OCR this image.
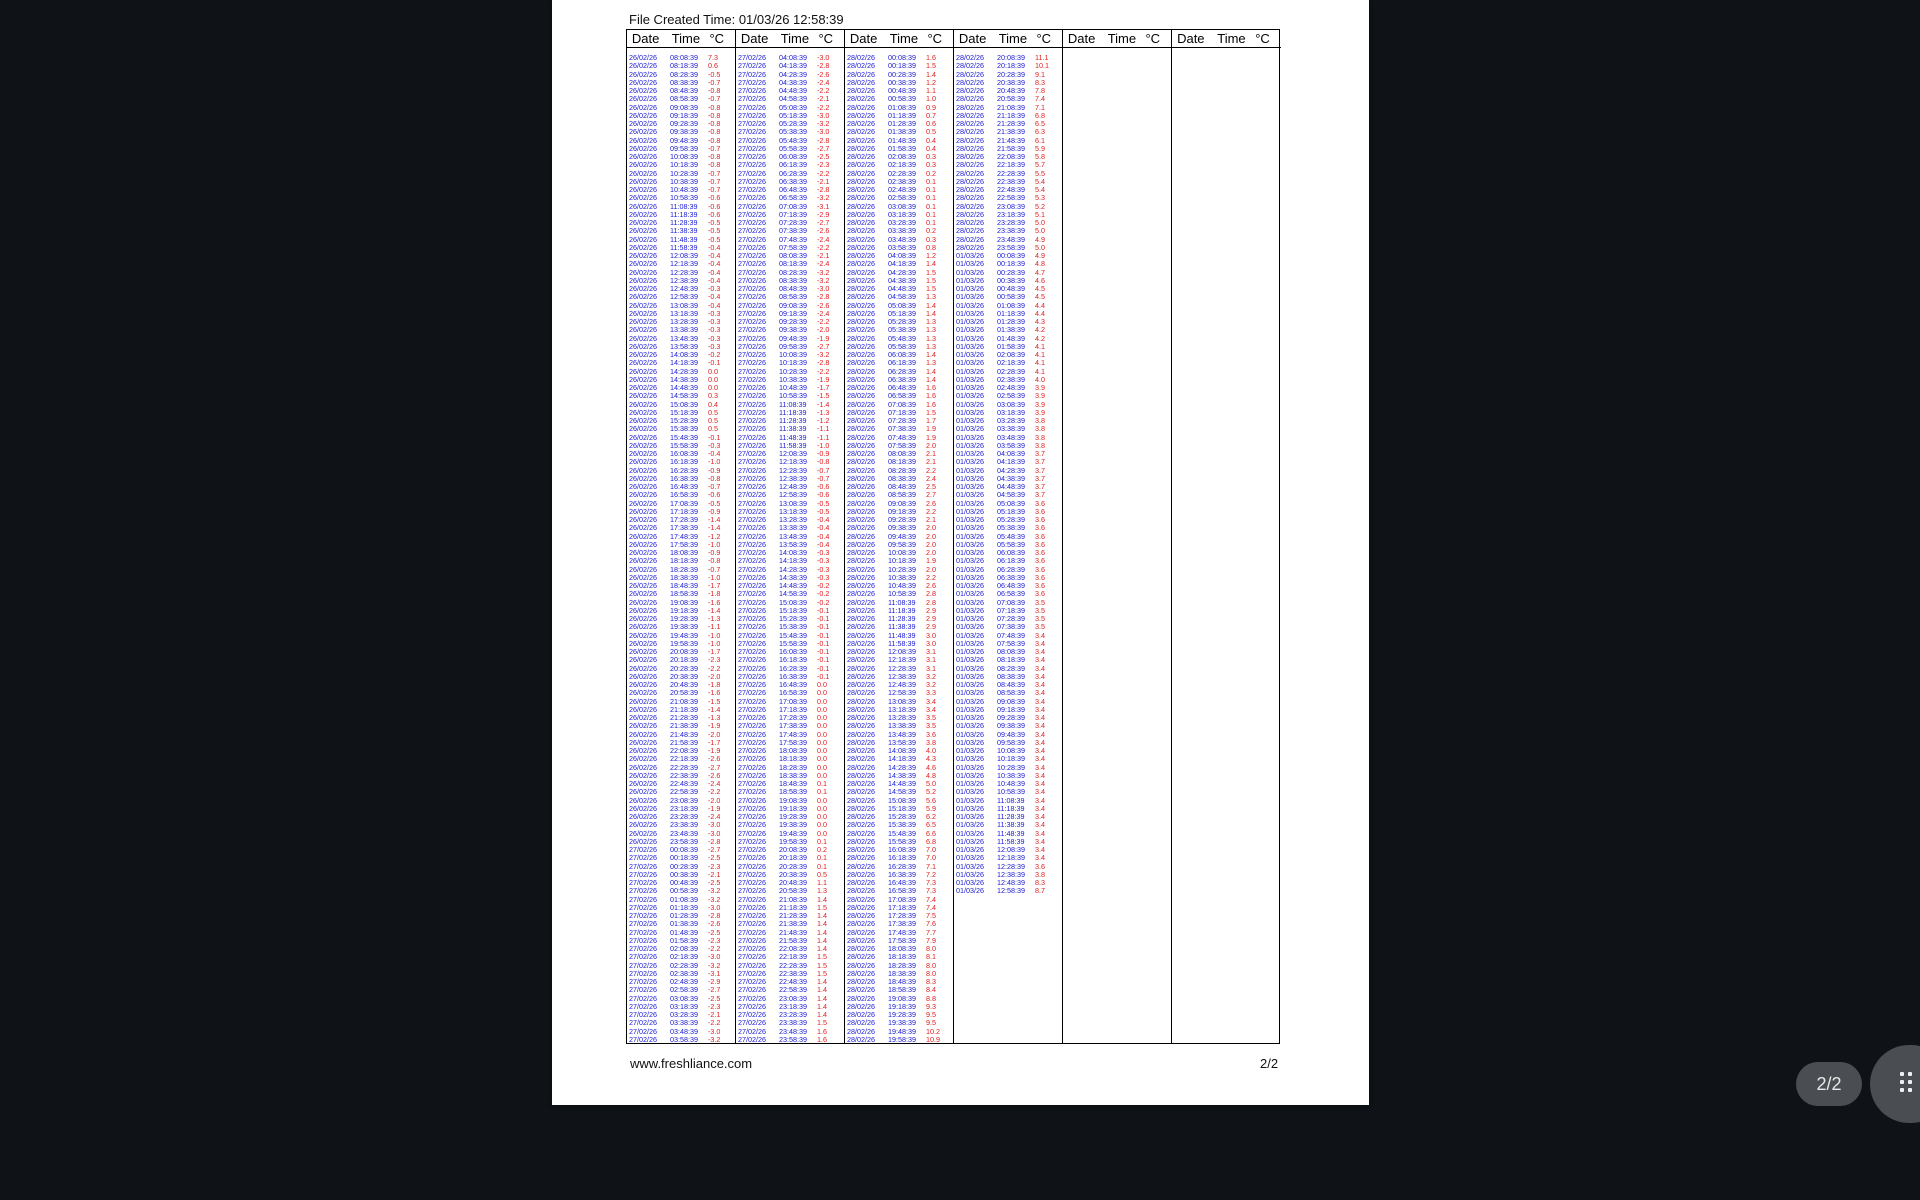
File Created Time: 01/03/26 12:58:39
Date Time °C
26/02/26	08:08:39	7.3
26/02/26	08:18:39	0.6
26/02/26	08:28:39	-0.5
26/02/26	08:38:39	-0.7
26/02/26	08:48:39	-0.8
26/02/26	08:58:39	-0.7
26/02/26	09:08:39	-0.8
26/02/26	09:18:39	-0.8
26/02/26	09:28:39	-0.8
26/02/26	09:38:39	-0.8
26/02/26	09:48:39	-0.8
26/02/26	09:58:39	-0.7
26/02/26	10:08:39	-0.8
26/02/26	10:18:39	-0.8
26/02/26	10:28:39	-0.7
26/02/26	10:38:39	-0.7
26/02/26	10:48:39	-0.7
26/02/26	10:58:39	-0.6
26/02/26	11:08:39	-0.6
26/02/26	11:18:39	-0.6
26/02/26	11:28:39	-0.5
26/02/26	11:38:39	-0.5
26/02/26	11:48:39	-0.5
26/02/26	11:58:39	-0.4
26/02/26	12:08:39	-0.4
26/02/26	12:18:39	-0.4
26/02/26	12:28:39	-0.4
26/02/26	12:38:39	-0.4
26/02/26	12:48:39	-0.3
26/02/26	12:58:39	-0.4
26/02/26	13:08:39	-0.4
26/02/26	13:18:39	-0.3
26/02/26	13:28:39	-0.3
26/02/26	13:38:39	-0.3
26/02/26	13:48:39	-0.3
26/02/26	13:58:39	-0.3
26/02/26	14:08:39	-0.2
26/02/26	14:18:39	-0.1
26/02/26	14:28:39	0.0
26/02/26	14:38:39	0.0
26/02/26	14:48:39	0.0
26/02/26	14:58:39	0.3
26/02/26	15:08:39	0.4
26/02/26	15:18:39	0.5
26/02/26	15:28:39	0.5
26/02/26	15:38:39	0.5
26/02/26	15:48:39	-0.1
26/02/26	15:58:39	-0.3
26/02/26	16:08:39	-0.4
26/02/26	16:18:39	-1.0
26/02/26	16:28:39	-0.9
26/02/26	16:38:39	-0.8
26/02/26	16:48:39	-0.7
26/02/26	16:58:39	-0.6
26/02/26	17:08:39	-0.5
26/02/26	17:18:39	-0.9
26/02/26	17:28:39	-1.4
26/02/26	17:38:39	-1.4
26/02/26	17:48:39	-1.2
26/02/26	17:58:39	-1.0
26/02/26	18:08:39	-0.9
26/02/26	18:18:39	-0.8
26/02/26	18:28:39	-0.7
26/02/26	18:38:39	-1.0
26/02/26	18:48:39	-1.7
26/02/26	18:58:39	-1.8
26/02/26	19:08:39	-1.6
26/02/26	19:18:39	-1.4
26/02/26	19:28:39	-1.3
26/02/26	19:38:39	-1.1
26/02/26	19:48:39	-1.0
26/02/26	19:58:39	-1.0
26/02/26	20:08:39	-1.7
26/02/26	20:18:39	-2.3
26/02/26	20:28:39	-2.2
26/02/26	20:38:39	-2.0
26/02/26	20:48:39	-1.8
26/02/26	20:58:39	-1.6
26/02/26	21:08:39	-1.5
26/02/26	21:18:39	-1.4
26/02/26	21:28:39	-1.3
26/02/26	21:38:39	-1.9
26/02/26	21:48:39	-2.0
26/02/26	21:58:39	-1.7
26/02/26	22:08:39	-1.9
26/02/26	22:18:39	-2.6
26/02/26	22:28:39	-2.7
26/02/26	22:38:39	-2.6
26/02/26	22:48:39	-2.4
26/02/26	22:58:39	-2.2
26/02/26	23:08:39	-2.0
26/02/26	23:18:39	-1.9
26/02/26	23:28:39	-2.4
26/02/26	23:38:39	-3.0
26/02/26	23:48:39	-3.0
26/02/26	23:58:39	-2.8
27/02/26	00:08:39	-2.7
27/02/26	00:18:39	-2.5
27/02/26	00:28:39	-2.3
27/02/26	00:38:39	-2.1
27/02/26	00:48:39	-2.5
27/02/26	00:58:39	-3.2
27/02/26	01:08:39	-3.2
27/02/26	01:18:39	-3.0
27/02/26	01:28:39	-2.8
27/02/26	01:38:39	-2.6
27/02/26	01:48:39	-2.5
27/02/26	01:58:39	-2.3
27/02/26	02:08:39	-2.2
27/02/26	02:18:39	-3.0
27/02/26	02:28:39	-3.2
27/02/26	02:38:39	-3.1
27/02/26	02:48:39	-2.9
27/02/26	02:58:39	-2.7
27/02/26	03:08:39	-2.5
27/02/26	03:18:39	-2.3
27/02/26	03:28:39	-2.1
27/02/26	03:38:39	-2.2
27/02/26	03:48:39	-3.0
27/02/26	03:58:39	-3.2
Date Time °C
27/02/26	04:08:39	-3.0
27/02/26	04:18:39	-2.8
27/02/26	04:28:39	-2.6
27/02/26	04:38:39	-2.4
27/02/26	04:48:39	-2.2
27/02/26	04:58:39	-2.1
27/02/26	05:08:39	-2.2
27/02/26	05:18:39	-3.0
27/02/26	05:28:39	-3.2
27/02/26	05:38:39	-3.0
27/02/26	05:48:39	-2.8
27/02/26	05:58:39	-2.7
27/02/26	06:08:39	-2.5
27/02/26	06:18:39	-2.3
27/02/26	06:28:39	-2.2
27/02/26	06:38:39	-2.1
27/02/26	06:48:39	-2.8
27/02/26	06:58:39	-3.2
27/02/26	07:08:39	-3.1
27/02/26	07:18:39	-2.9
27/02/26	07:28:39	-2.7
27/02/26	07:38:39	-2.6
27/02/26	07:48:39	-2.4
27/02/26	07:58:39	-2.2
27/02/26	08:08:39	-2.1
27/02/26	08:18:39	-2.4
27/02/26	08:28:39	-3.2
27/02/26	08:38:39	-3.2
27/02/26	08:48:39	-3.0
27/02/26	08:58:39	-2.8
27/02/26	09:08:39	-2.6
27/02/26	09:18:39	-2.4
27/02/26	09:28:39	-2.2
27/02/26	09:38:39	-2.0
27/02/26	09:48:39	-1.9
27/02/26	09:58:39	-2.7
27/02/26	10:08:39	-3.2
27/02/26	10:18:39	-2.8
27/02/26	10:28:39	-2.2
27/02/26	10:38:39	-1.9
27/02/26	10:48:39	-1.7
27/02/26	10:58:39	-1.5
27/02/26	11:08:39	-1.4
27/02/26	11:18:39	-1.3
27/02/26	11:28:39	-1.2
27/02/26	11:38:39	-1.1
27/02/26	11:48:39	-1.1
27/02/26	11:58:39	-1.0
27/02/26	12:08:39	-0.9
27/02/26	12:18:39	-0.8
27/02/26	12:28:39	-0.7
27/02/26	12:38:39	-0.7
27/02/26	12:48:39	-0.6
27/02/26	12:58:39	-0.6
27/02/26	13:08:39	-0.5
27/02/26	13:18:39	-0.5
27/02/26	13:28:39	-0.4
27/02/26	13:38:39	-0.4
27/02/26	13:48:39	-0.4
27/02/26	13:58:39	-0.4
27/02/26	14:08:39	-0.3
27/02/26	14:18:39	-0.3
27/02/26	14:28:39	-0.3
27/02/26	14:38:39	-0.3
27/02/26	14:48:39	-0.2
27/02/26	14:58:39	-0.2
27/02/26	15:08:39	-0.2
27/02/26	15:18:39	-0.1
27/02/26	15:28:39	-0.1
27/02/26	15:38:39	-0.1
27/02/26	15:48:39	-0.1
27/02/26	15:58:39	-0.1
27/02/26	16:08:39	-0.1
27/02/26	16:18:39	-0.1
27/02/26	16:28:39	-0.1
27/02/26	16:38:39	-0.1
27/02/26	16:48:39	0.0
27/02/26	16:58:39	0.0
27/02/26	17:08:39	0.0
27/02/26	17:18:39	0.0
27/02/26	17:28:39	0.0
27/02/26	17:38:39	0.0
27/02/26	17:48:39	0.0
27/02/26	17:58:39	0.0
27/02/26	18:08:39	0.0
27/02/26	18:18:39	0.0
27/02/26	18:28:39	0.0
27/02/26	18:38:39	0.0
27/02/26	18:48:39	0.1
27/02/26	18:58:39	0.1
27/02/26	19:08:39	0.0
27/02/26	19:18:39	0.0
27/02/26	19:28:39	0.0
27/02/26	19:38:39	0.0
27/02/26	19:48:39	0.0
27/02/26	19:58:39	0.1
27/02/26	20:08:39	0.2
27/02/26	20:18:39	0.1
27/02/26	20:28:39	0.1
27/02/26	20:38:39	0.5
27/02/26	20:48:39	1.1
27/02/26	20:58:39	1.3
27/02/26	21:08:39	1.4
27/02/26	21:18:39	1.5
27/02/26	21:28:39	1.4
27/02/26	21:38:39	1.4
27/02/26	21:48:39	1.4
27/02/26	21:58:39	1.4
27/02/26	22:08:39	1.4
27/02/26	22:18:39	1.5
27/02/26	22:28:39	1.5
27/02/26	22:38:39	1.5
27/02/26	22:48:39	1.4
27/02/26	22:58:39	1.4
27/02/26	23:08:39	1.4
27/02/26	23:18:39	1.4
27/02/26	23:28:39	1.4
27/02/26	23:38:39	1.5
27/02/26	23:48:39	1.6
27/02/26	23:58:39	1.6
Date Time °C
28/02/26	00:08:39	1.6
28/02/26	00:18:39	1.5
28/02/26	00:28:39	1.4
28/02/26	00:38:39	1.2
28/02/26	00:48:39	1.1
28/02/26	00:58:39	1.0
28/02/26	01:08:39	0.9
28/02/26	01:18:39	0.7
28/02/26	01:28:39	0.6
28/02/26	01:38:39	0.5
28/02/26	01:48:39	0.4
28/02/26	01:58:39	0.4
28/02/26	02:08:39	0.3
28/02/26	02:18:39	0.3
28/02/26	02:28:39	0.2
28/02/26	02:38:39	0.1
28/02/26	02:48:39	0.1
28/02/26	02:58:39	0.1
28/02/26	03:08:39	0.1
28/02/26	03:18:39	0.1
28/02/26	03:28:39	0.1
28/02/26	03:38:39	0.2
28/02/26	03:48:39	0.3
28/02/26	03:58:39	0.8
28/02/26	04:08:39	1.2
28/02/26	04:18:39	1.4
28/02/26	04:28:39	1.5
28/02/26	04:38:39	1.5
28/02/26	04:48:39	1.5
28/02/26	04:58:39	1.3
28/02/26	05:08:39	1.4
28/02/26	05:18:39	1.4
28/02/26	05:28:39	1.3
28/02/26	05:38:39	1.3
28/02/26	05:48:39	1.3
28/02/26	05:58:39	1.3
28/02/26	06:08:39	1.4
28/02/26	06:18:39	1.3
28/02/26	06:28:39	1.4
28/02/26	06:38:39	1.4
28/02/26	06:48:39	1.6
28/02/26	06:58:39	1.6
28/02/26	07:08:39	1.6
28/02/26	07:18:39	1.5
28/02/26	07:28:39	1.7
28/02/26	07:38:39	1.9
28/02/26	07:48:39	1.9
28/02/26	07:58:39	2.0
28/02/26	08:08:39	2.1
28/02/26	08:18:39	2.1
28/02/26	08:28:39	2.2
28/02/26	08:38:39	2.4
28/02/26	08:48:39	2.5
28/02/26	08:58:39	2.7
28/02/26	09:08:39	2.6
28/02/26	09:18:39	2.2
28/02/26	09:28:39	2.1
28/02/26	09:38:39	2.0
28/02/26	09:48:39	2.0
28/02/26	09:58:39	2.0
28/02/26	10:08:39	2.0
28/02/26	10:18:39	1.9
28/02/26	10:28:39	2.0
28/02/26	10:38:39	2.2
28/02/26	10:48:39	2.6
28/02/26	10:58:39	2.8
28/02/26	11:08:39	2.8
28/02/26	11:18:39	2.9
28/02/26	11:28:39	2.9
28/02/26	11:38:39	2.9
28/02/26	11:48:39	3.0
28/02/26	11:58:39	3.0
28/02/26	12:08:39	3.1
28/02/26	12:18:39	3.1
28/02/26	12:28:39	3.1
28/02/26	12:38:39	3.2
28/02/26	12:48:39	3.2
28/02/26	12:58:39	3.3
28/02/26	13:08:39	3.4
28/02/26	13:18:39	3.4
28/02/26	13:28:39	3.5
28/02/26	13:38:39	3.5
28/02/26	13:48:39	3.6
28/02/26	13:58:39	3.8
28/02/26	14:08:39	4.0
28/02/26	14:18:39	4.3
28/02/26	14:28:39	4.6
28/02/26	14:38:39	4.8
28/02/26	14:48:39	5.0
28/02/26	14:58:39	5.2
28/02/26	15:08:39	5.6
28/02/26	15:18:39	5.9
28/02/26	15:28:39	6.2
28/02/26	15:38:39	6.5
28/02/26	15:48:39	6.6
28/02/26	15:58:39	6.8
28/02/26	16:08:39	7.0
28/02/26	16:18:39	7.0
28/02/26	16:28:39	7.1
28/02/26	16:38:39	7.2
28/02/26	16:48:39	7.3
28/02/26	16:58:39	7.3
28/02/26	17:08:39	7.4
28/02/26	17:18:39	7.4
28/02/26	17:28:39	7.5
28/02/26	17:38:39	7.6
28/02/26	17:48:39	7.7
28/02/26	17:58:39	7.9
28/02/26	18:08:39	8.0
28/02/26	18:18:39	8.1
28/02/26	18:28:39	8.0
28/02/26	18:38:39	8.0
28/02/26	18:48:39	8.3
28/02/26	18:58:39	8.4
28/02/26	19:08:39	8.8
28/02/26	19:18:39	9.3
28/02/26	19:28:39	9.5
28/02/26	19:38:39	9.5
28/02/26	19:48:39	10.2
28/02/26	19:58:39	10.9
Date Time °C
28/02/26	20:08:39	11.1
28/02/26	20:18:39	10.1
28/02/26	20:28:39	9.1
28/02/26	20:38:39	8.3
28/02/26	20:48:39	7.8
28/02/26	20:58:39	7.4
28/02/26	21:08:39	7.1
28/02/26	21:18:39	6.8
28/02/26	21:28:39	6.5
28/02/26	21:38:39	6.3
28/02/26	21:48:39	6.1
28/02/26	21:58:39	5.9
28/02/26	22:08:39	5.8
28/02/26	22:18:39	5.7
28/02/26	22:28:39	5.5
28/02/26	22:38:39	5.4
28/02/26	22:48:39	5.4
28/02/26	22:58:39	5.3
28/02/26	23:08:39	5.2
28/02/26	23:18:39	5.1
28/02/26	23:28:39	5.0
28/02/26	23:38:39	5.0
28/02/26	23:48:39	4.9
28/02/26	23:58:39	5.0
01/03/26	00:08:39	4.9
01/03/26	00:18:39	4.8
01/03/26	00:28:39	4.7
01/03/26	00:38:39	4.6
01/03/26	00:48:39	4.5
01/03/26	00:58:39	4.5
01/03/26	01:08:39	4.4
01/03/26	01:18:39	4.4
01/03/26	01:28:39	4.3
01/03/26	01:38:39	4.2
01/03/26	01:48:39	4.2
01/03/26	01:58:39	4.1
01/03/26	02:08:39	4.1
01/03/26	02:18:39	4.1
01/03/26	02:28:39	4.1
01/03/26	02:38:39	4.0
01/03/26	02:48:39	3.9
01/03/26	02:58:39	3.9
01/03/26	03:08:39	3.9
01/03/26	03:18:39	3.9
01/03/26	03:28:39	3.8
01/03/26	03:38:39	3.8
01/03/26	03:48:39	3.8
01/03/26	03:58:39	3.8
01/03/26	04:08:39	3.7
01/03/26	04:18:39	3.7
01/03/26	04:28:39	3.7
01/03/26	04:38:39	3.7
01/03/26	04:48:39	3.7
01/03/26	04:58:39	3.7
01/03/26	05:08:39	3.6
01/03/26	05:18:39	3.6
01/03/26	05:28:39	3.6
01/03/26	05:38:39	3.6
01/03/26	05:48:39	3.6
01/03/26	05:58:39	3.6
01/03/26	06:08:39	3.6
01/03/26	06:18:39	3.6
01/03/26	06:28:39	3.6
01/03/26	06:38:39	3.6
01/03/26	06:48:39	3.6
01/03/26	06:58:39	3.6
01/03/26	07:08:39	3.5
01/03/26	07:18:39	3.5
01/03/26	07:28:39	3.5
01/03/26	07:38:39	3.5
01/03/26	07:48:39	3.4
01/03/26	07:58:39	3.4
01/03/26	08:08:39	3.4
01/03/26	08:18:39	3.4
01/03/26	08:28:39	3.4
01/03/26	08:38:39	3.4
01/03/26	08:48:39	3.4
01/03/26	08:58:39	3.4
01/03/26	09:08:39	3.4
01/03/26	09:18:39	3.4
01/03/26	09:28:39	3.4
01/03/26	09:38:39	3.4
01/03/26	09:48:39	3.4
01/03/26	09:58:39	3.4
01/03/26	10:08:39	3.4
01/03/26	10:18:39	3.4
01/03/26	10:28:39	3.4
01/03/26	10:38:39	3.4
01/03/26	10:48:39	3.4
01/03/26	10:58:39	3.4
01/03/26	11:08:39	3.4
01/03/26	11:18:39	3.4
01/03/26	11:28:39	3.4
01/03/26	11:38:39	3.4
01/03/26	11:48:39	3.4
01/03/26	11:58:39	3.4
01/03/26	12:08:39	3.4
01/03/26	12:18:39	3.4
01/03/26	12:28:39	3.6
01/03/26	12:38:39	3.8
01/03/26	12:48:39	8.3
01/03/26	12:58:39	8.7
Date Time °C	Date Time °C
www.freshliance.com	2/2
2/2
